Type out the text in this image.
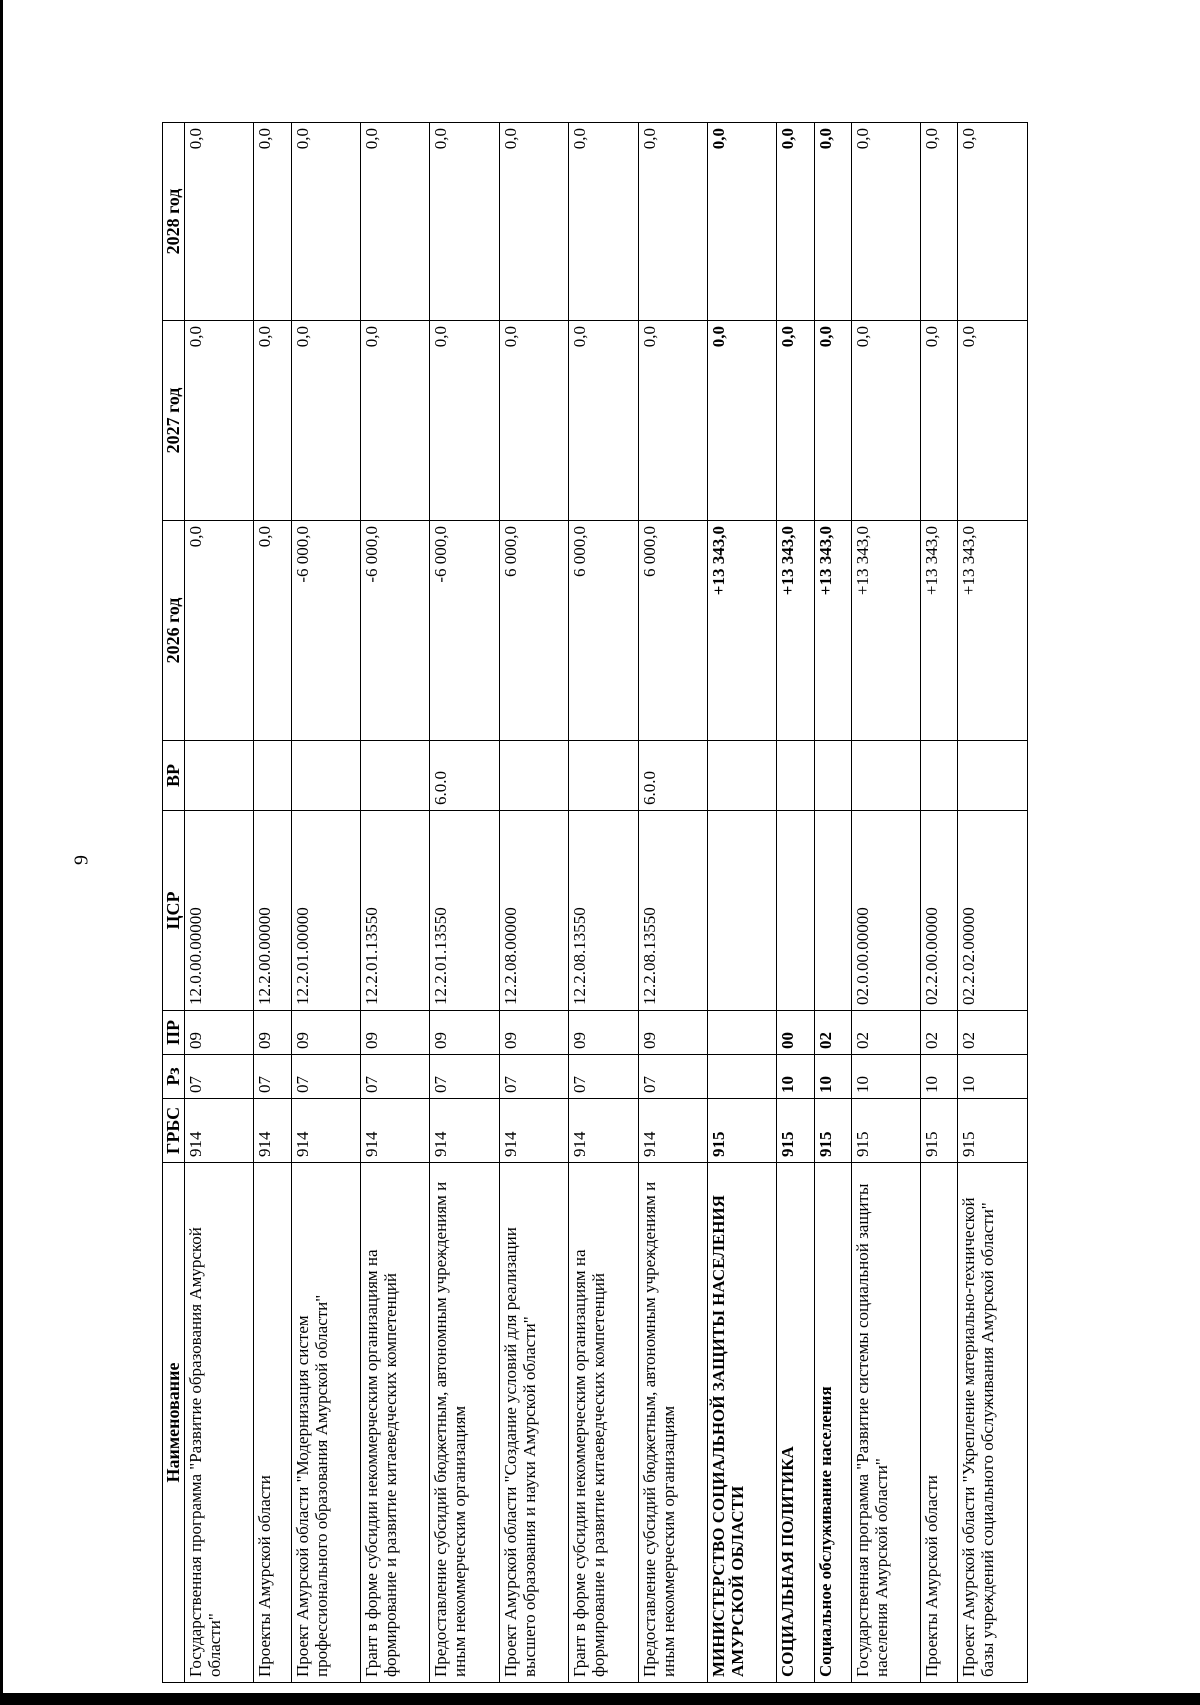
9
Наименование	ГРБС	Рз	ПР	ЦСР	ВР	2026 год	2027 год	2028 год
Государственная программа "Развитие образования Амурской области"	914	07	09	12.0.00.00000		0,0	0,0	0,0
Проекты Амурской области	914	07	09	12.2.00.00000		0,0	0,0	0,0
Проект Амурской области "Модернизация систем профессионального образования Амурской области"	914	07	09	12.2.01.00000		-6 000,0	0,0	0,0
Грант в форме субсидии некоммерческим организациям на формирование и развитие китаеведческих компетенций	914	07	09	12.2.01.13550		-6 000,0	0,0	0,0
Предоставление субсидий бюджетным, автономным учреждениям и иным некоммерческим организациям	914	07	09	12.2.01.13550	6.0.0	-6 000,0	0,0	0,0
Проект Амурской области "Создание условий для реализации высшего образования и науки Амурской области"	914	07	09	12.2.08.00000		6 000,0	0,0	0,0
Грант в форме субсидии некоммерческим организациям на формирование и развитие китаеведческих компетенций	914	07	09	12.2.08.13550		6 000,0	0,0	0,0
Предоставление субсидий бюджетным, автономным учреждениям и иным некоммерческим организациям	914	07	09	12.2.08.13550	6.0.0	6 000,0	0,0	0,0
МИНИСТЕРСТВО СОЦИАЛЬНОЙ ЗАЩИТЫ НАСЕЛЕНИЯ АМУРСКОЙ ОБЛАСТИ	915					+13 343,0	0,0	0,0
СОЦИАЛЬНАЯ ПОЛИТИКА	915	10	00			+13 343,0	0,0	0,0
Социальное обслуживание населения	915	10	02			+13 343,0	0,0	0,0
Государственная программа "Развитие системы социальной защиты населения Амурской области"	915	10	02	02.0.00.00000		+13 343,0	0,0	0,0
Проекты Амурской области	915	10	02	02.2.00.00000		+13 343,0	0,0	0,0
Проект Амурской области "Укрепление материально-технической базы учреждений социального обслуживания Амурской области"	915	10	02	02.2.02.00000		+13 343,0	0,0	0,0
